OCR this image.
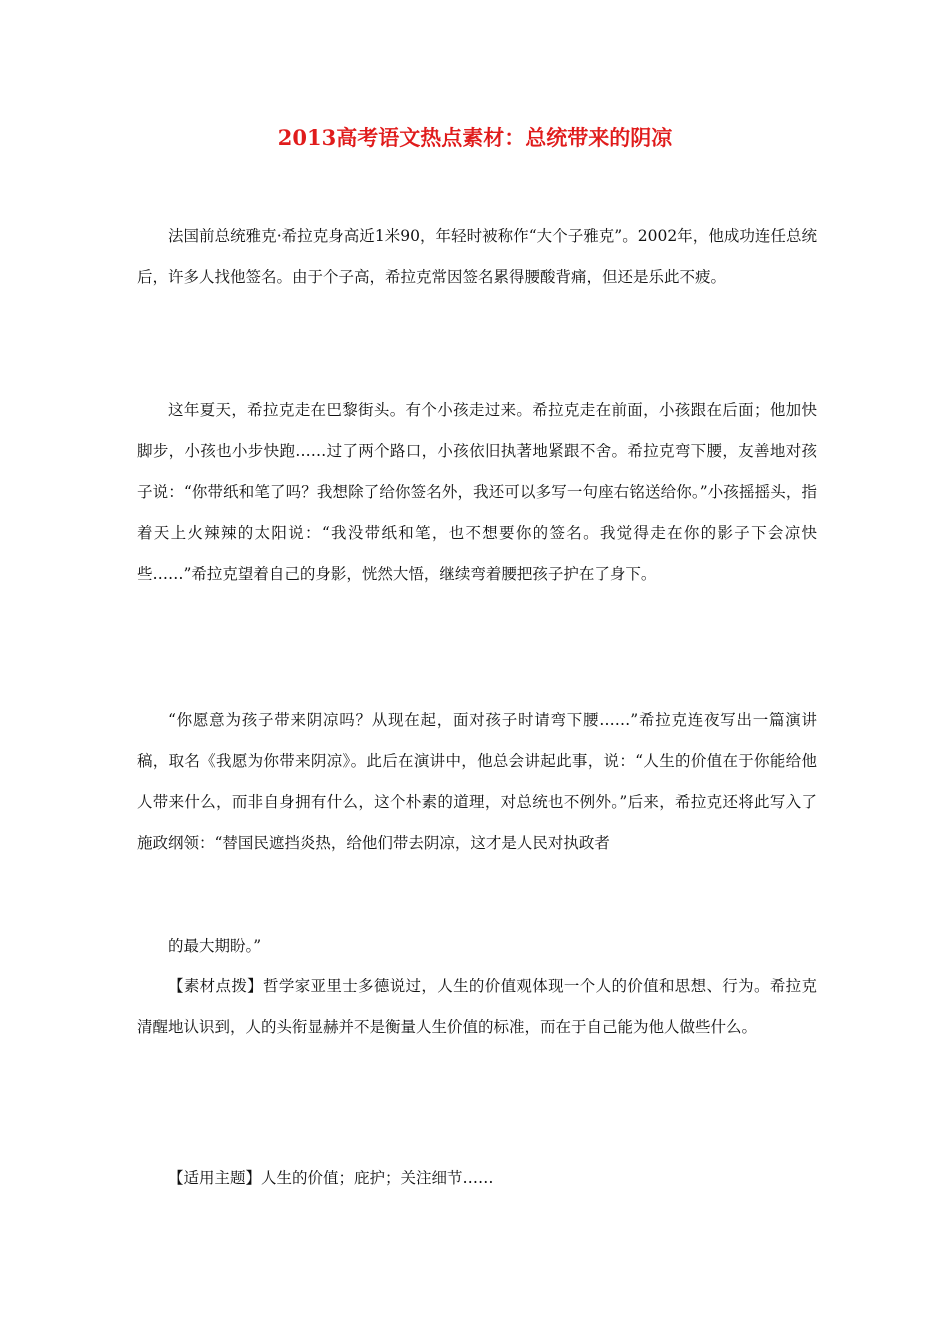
2013高考语文热点素材：总统带来的阴凉

法国前总统雅克·希拉克身高近1米90，年轻时被称作“大个子雅克”。2002年，他成功连任总统后，许多人找他签名。由于个子高，希拉克常因签名累得腰酸背痛，但还是乐此不疲。

这年夏天，希拉克走在巴黎街头。有个小孩走过来。希拉克走在前面，小孩跟在后面；他加快脚步，小孩也小步快跑……过了两个路口，小孩依旧执著地紧跟不舍。希拉克弯下腰，友善地对孩子说：“你带纸和笔了吗？我想除了给你签名外，我还可以多写一句座右铭送给你。”小孩摇摇头，指着天上火辣辣的太阳说：“我没带纸和笔，也不想要你的签名。我觉得走在你的影子下会凉快些……”希拉克望着自己的身影，恍然大悟，继续弯着腰把孩子护在了身下。

“你愿意为孩子带来阴凉吗？从现在起，面对孩子时请弯下腰……”希拉克连夜写出一篇演讲稿，取名《我愿为你带来阴凉》。此后在演讲中，他总会讲起此事，说：“人生的价值在于你能给他人带来什么，而非自身拥有什么，这个朴素的道理，对总统也不例外。”后来，希拉克还将此写入了施政纲领：“替国民遮挡炎热，给他们带去阴凉，这才是人民对执政者

的最大期盼。”

【素材点拨】哲学家亚里士多德说过，人生的价值观体现一个人的价值和思想、行为。希拉克清醒地认识到，人的头衔显赫并不是衡量人生价值的标准，而在于自己能为他人做些什么。

【适用主题】人生的价值；庇护；关注细节……
